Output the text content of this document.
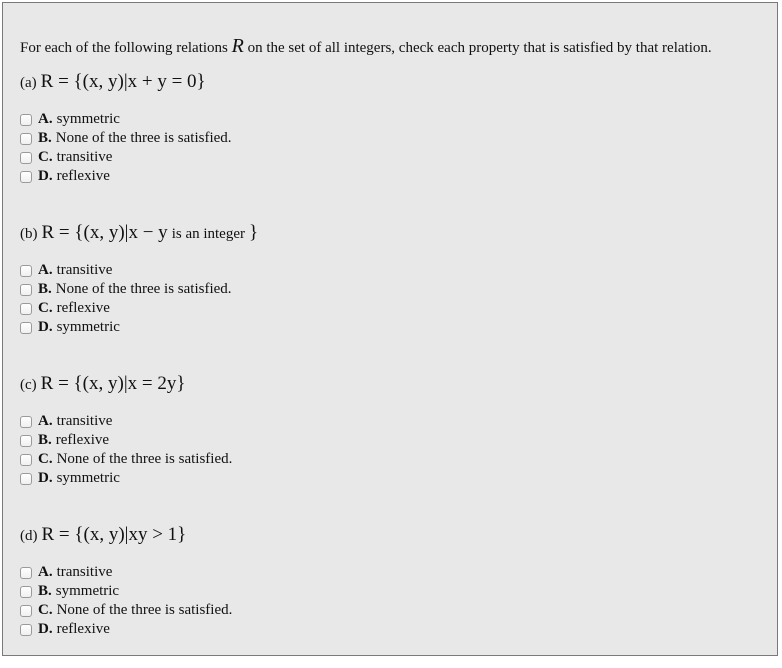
For each of the following relations R on the set of all integers, check each property that is satisfied by that relation.
(a) R = {(x, y)|x + y = 0}
A. symmetric
B. None of the three is satisfied.
C. transitive
D. reflexive
(b) R = {(x, y)|x − y is an integer }
A. transitive
B. None of the three is satisfied.
C. reflexive
D. symmetric
(c) R = {(x, y)|x = 2y}
A. transitive
B. reflexive
C. None of the three is satisfied.
D. symmetric
(d) R = {(x, y)|xy > 1}
A. transitive
B. symmetric
C. None of the three is satisfied.
D. reflexive
